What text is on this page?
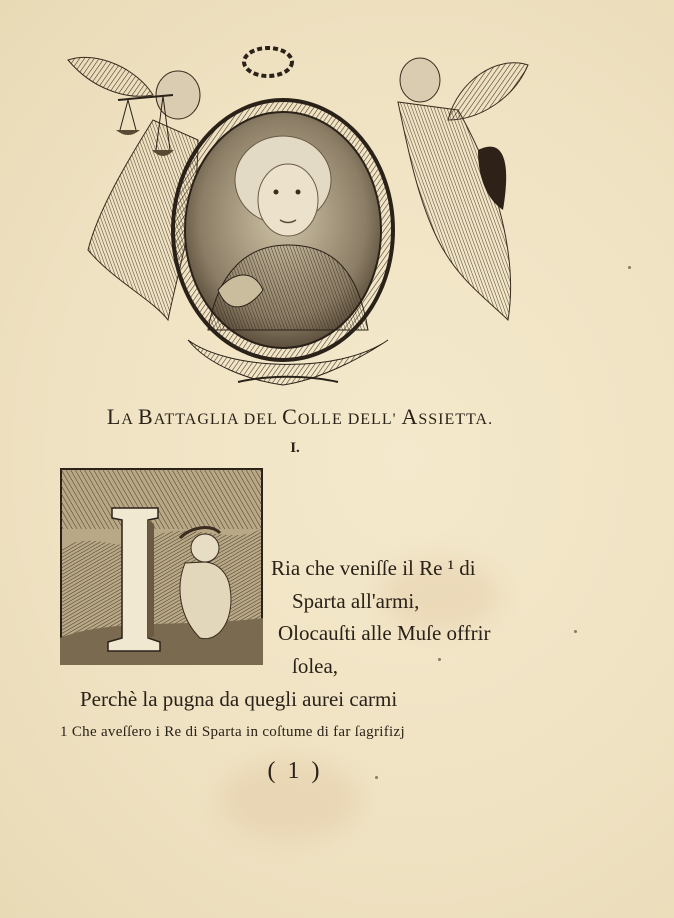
LA BATTAGLIA DEL COLLE DELL' ASSIETTA.
I.
Ria che veniſſe il Re ¹ di
Sparta all'armi,
Olocauſti alle Muſe offrir
ſolea,
Perchè la pugna da quegli aurei carmi
1 Che aveſſero i Re di Sparta in coſtume di far ſagrifizj
( 1 )
